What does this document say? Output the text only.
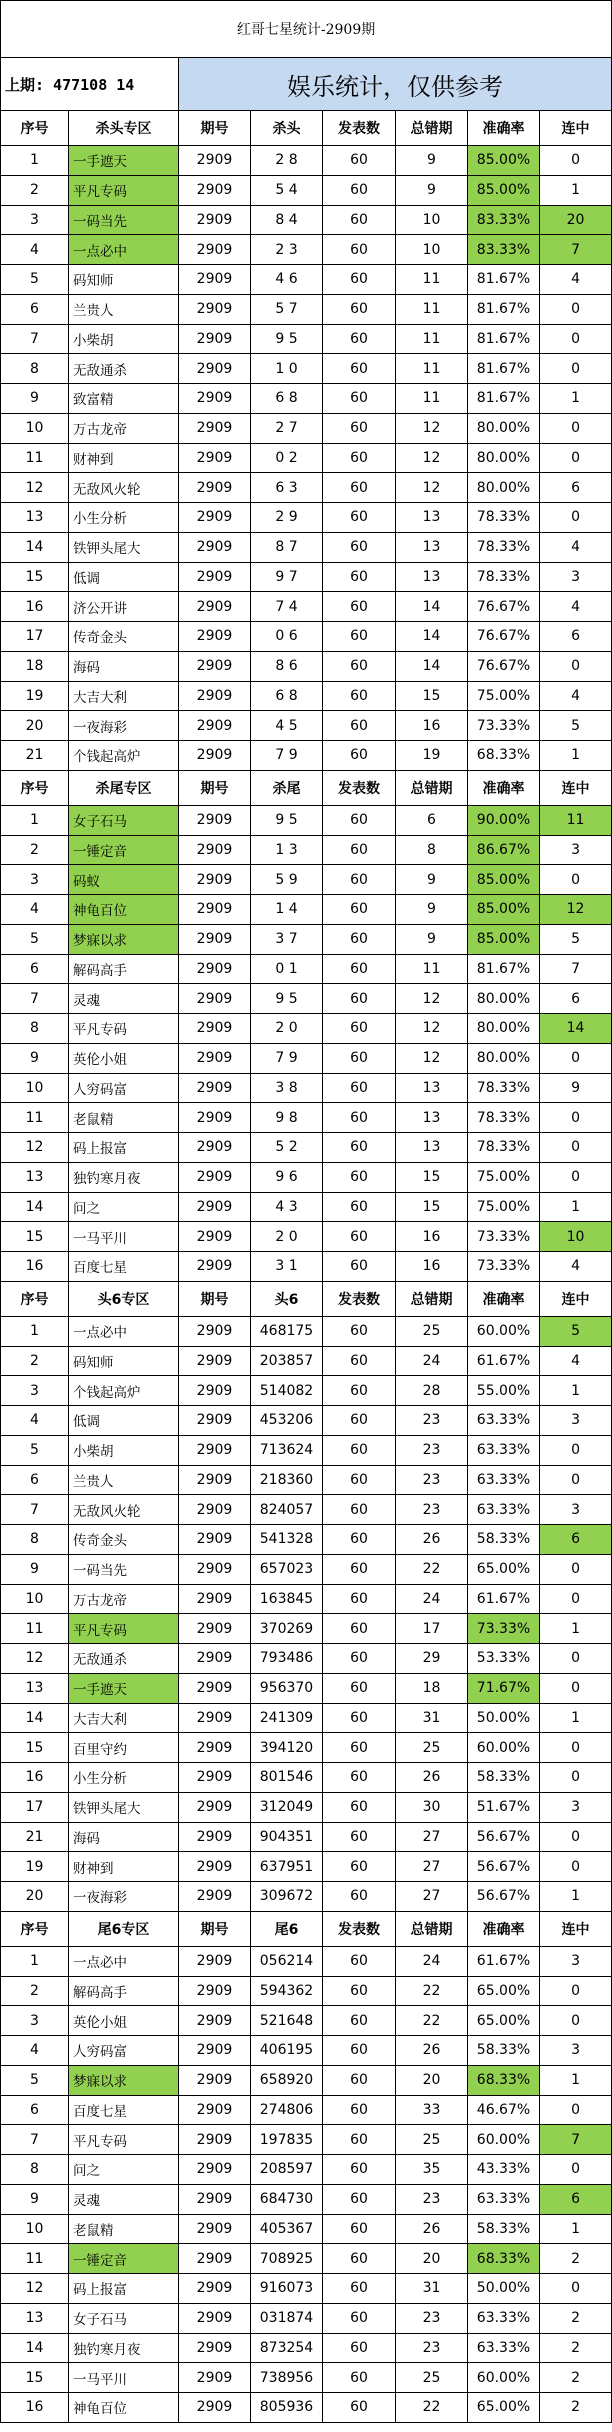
红哥七星统计-2909期							
上期: 477108 14		娱乐统计，仅供参考					
序号	杀头专区	期号	杀头	发表数	总错期	准确率	连中
1	一手遮天	2909	2 8	60	9	85.00%	0
2	平凡专码	2909	5 4	60	9	85.00%	1
3	一码当先	2909	8 4	60	10	83.33%	20
4	一点必中	2909	2 3	60	10	83.33%	7
5	码知师	2909	4 6	60	11	81.67%	4
6	兰贵人	2909	5 7	60	11	81.67%	0
7	小柴胡	2909	9 5	60	11	81.67%	0
8	无敌通杀	2909	1 0	60	11	81.67%	0
9	致富精	2909	6 8	60	11	81.67%	1
10	万古龙帝	2909	2 7	60	12	80.00%	0
11	财神到	2909	0 2	60	12	80.00%	0
12	无敌风火轮	2909	6 3	60	12	80.00%	6
13	小生分析	2909	2 9	60	13	78.33%	0
14	铁钾头尾大	2909	8 7	60	13	78.33%	4
15	低调	2909	9 7	60	13	78.33%	3
16	济公开讲	2909	7 4	60	14	76.67%	4
17	传奇金头	2909	0 6	60	14	76.67%	6
18	海码	2909	8 6	60	14	76.67%	0
19	大吉大利	2909	6 8	60	15	75.00%	4
20	一夜海彩	2909	4 5	60	16	73.33%	5
21	个钱起高炉	2909	7 9	60	19	68.33%	1
序号	杀尾专区	期号	杀尾	发表数	总错期	准确率	连中
1	女子石马	2909	9 5	60	6	90.00%	11
2	一锤定音	2909	1 3	60	8	86.67%	3
3	码蚁	2909	5 9	60	9	85.00%	0
4	神龟百位	2909	1 4	60	9	85.00%	12
5	梦寐以求	2909	3 7	60	9	85.00%	5
6	解码高手	2909	0 1	60	11	81.67%	7
7	灵魂	2909	9 5	60	12	80.00%	6
8	平凡专码	2909	2 0	60	12	80.00%	14
9	英伦小姐	2909	7 9	60	12	80.00%	0
10	人穷码富	2909	3 8	60	13	78.33%	9
11	老鼠精	2909	9 8	60	13	78.33%	0
12	码上报富	2909	5 2	60	13	78.33%	0
13	独钓寒月夜	2909	9 6	60	15	75.00%	0
14	问之	2909	4 3	60	15	75.00%	1
15	一马平川	2909	2 0	60	16	73.33%	10
16	百度七星	2909	3 1	60	16	73.33%	4
序号	头6专区	期号	头6	发表数	总错期	准确率	连中
1	一点必中	2909	468175	60	25	60.00%	5
2	码知师	2909	203857	60	24	61.67%	4
3	个钱起高炉	2909	514082	60	28	55.00%	1
4	低调	2909	453206	60	23	63.33%	3
5	小柴胡	2909	713624	60	23	63.33%	0
6	兰贵人	2909	218360	60	23	63.33%	0
7	无敌风火轮	2909	824057	60	23	63.33%	3
8	传奇金头	2909	541328	60	26	58.33%	6
9	一码当先	2909	657023	60	22	65.00%	0
10	万古龙帝	2909	163845	60	24	61.67%	0
11	平凡专码	2909	370269	60	17	73.33%	1
12	无敌通杀	2909	793486	60	29	53.33%	0
13	一手遮天	2909	956370	60	18	71.67%	0
14	大吉大利	2909	241309	60	31	50.00%	1
15	百里守约	2909	394120	60	25	60.00%	0
16	小生分析	2909	801546	60	26	58.33%	0
17	铁钾头尾大	2909	312049	60	30	51.67%	3
21	海码	2909	904351	60	27	56.67%	0
19	财神到	2909	637951	60	27	56.67%	0
20	一夜海彩	2909	309672	60	27	56.67%	1
序号	尾6专区	期号	尾6	发表数	总错期	准确率	连中
1	一点必中	2909	056214	60	24	61.67%	3
2	解码高手	2909	594362	60	22	65.00%	0
3	英伦小姐	2909	521648	60	22	65.00%	0
4	人穷码富	2909	406195	60	26	58.33%	3
5	梦寐以求	2909	658920	60	20	68.33%	1
6	百度七星	2909	274806	60	33	46.67%	0
7	平凡专码	2909	197835	60	25	60.00%	7
8	问之	2909	208597	60	35	43.33%	0
9	灵魂	2909	684730	60	23	63.33%	6
10	老鼠精	2909	405367	60	26	58.33%	1
11	一锤定音	2909	708925	60	20	68.33%	2
12	码上报富	2909	916073	60	31	50.00%	0
13	女子石马	2909	031874	60	23	63.33%	2
14	独钓寒月夜	2909	873254	60	23	63.33%	2
15	一马平川	2909	738956	60	25	60.00%	2
16	神龟百位	2909	805936	60	22	65.00%	2
